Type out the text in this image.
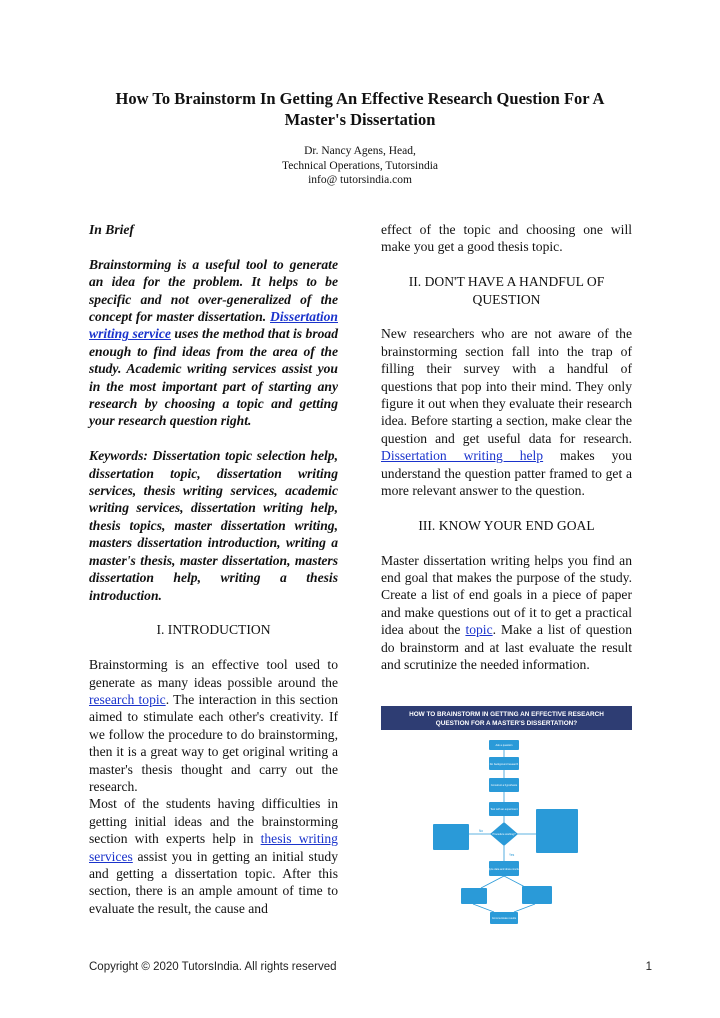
How To Brainstorm In Getting An Effective Research Question For A Master's Dissertation
Dr. Nancy Agens, Head,
Technical Operations, Tutorsindia
info@ tutorsindia.com

In Brief

Brainstorming is a useful tool to generate an idea for the problem. It helps to be specific and not over-generalized of the concept for master dissertation. Dissertation writing service uses the method that is broad enough to find ideas from the area of the study. Academic writing services assist you in the most important part of starting any research by choosing a topic and getting your research question right.

Keywords: Dissertation topic selection help, dissertation topic, dissertation writing services, thesis writing services, academic writing services, dissertation writing help, thesis topics, master dissertation writing, masters dissertation introduction, writing a master's thesis, master dissertation, masters dissertation help, writing a thesis introduction.

I. INTRODUCTION

Brainstorming is an effective tool used to generate as many ideas possible around the research topic. The interaction in this section aimed to stimulate each other's creativity. If we follow the procedure to do brainstorming, then it is a great way to get original writing a master's thesis thought and carry out the research.

Most of the students having difficulties in getting initial ideas and the brainstorming section with experts help in thesis writing services assist you in getting an initial study and getting a dissertation topic. After this section, there is an ample amount of time to evaluate the result, the cause and

effect of the topic and choosing one will make you get a good thesis topic.

II. DON'T HAVE A HANDFUL OF QUESTION

New researchers who are not aware of the brainstorming section fall into the trap of filling their survey with a handful of questions that pop into their mind. They only figure it out when they evaluate their research idea. Before starting a section, make clear the question and get useful data for research. Dissertation writing help makes you understand the question patter framed to get a more relevant answer to the question.

III. KNOW YOUR END GOAL

Master dissertation writing helps you find an end goal that makes the purpose of the study. Create a list of end goals in a piece of paper and make questions out of it to get a practical idea about the topic. Make a list of question do brainstorm and at last evaluate the result and scrutinize the needed information.

HOW TO BRAINSTORM IN GETTING AN EFFECTIVE RESEARCH
QUESTION FOR A MASTER'S DISSERTATION?
Ask a question
Do background research
Construct a hypothesis
Test with an experiment
Procedure working?
Analyze data and draw conclusion
Communicate results
No
Yes
Copyright © 2020 TutorsIndia. All rights reserved	1
